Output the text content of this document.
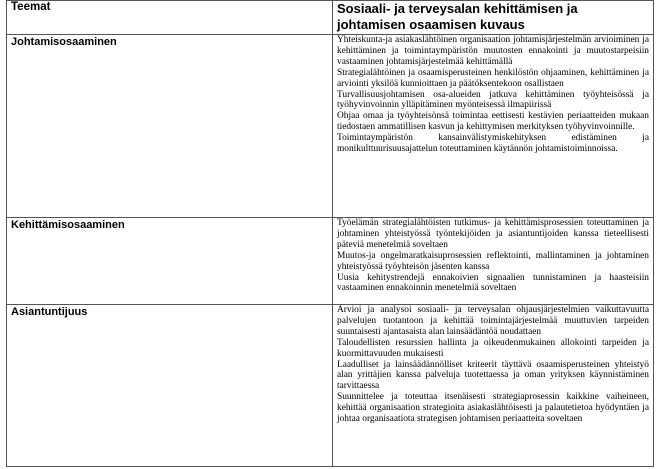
Teemat	Sosiaali- ja terveysalan kehittämisen ja johtamisen osaamisen kuvaus
Johtamisosaaminen	Yhteiskunta-ja asiakaslähtöinen organisaation johtamisjärjestelmän arvioiminen ja kehittäminen ja toimintaympäristön muutosten ennakointi ja muutostarpeisiin vastaaminen johtamisjärjestelmää kehittämällä

Strategialähtöinen ja osaamisperusteinen henkilöstön ohjaaminen, kehittäminen ja arviointi yksilöä kunnioittaen ja päätöksentekoon osallistaen

Turvallisuusjohtamisen osa-alueiden jatkuva kehittäminen työyhteisössä ja työhyvinvoinnin ylläpitäminen myönteisessä ilmapiirissä

Ohjaa omaa ja työyhteisönsä toimintaa eettisesti kestävien periaatteiden mukaan tiedostaen ammatillisen kasvun ja kehittymisen merkityksen työhyvinvoinnille.

Toimintaympäristön kansainvälistymiskehityksen edistäminen ja monikulttuurisuusajattelun toteuttaminen käytännön johtamistoiminnoissa.

Kehittämisosaaminen	Työelämän strategialähtöisten tutkimus- ja kehittämisprosessien toteuttaminen ja johtaminen yhteistyössä työntekijöiden ja asiantuntijoiden kanssa tieteellisesti päteviä menetelmiä soveltaen

Muutos-ja ongelmaratkaisuprosessien reflektointi, mallintaminen ja johtaminen yhteistyössä työyhteisön jäsenten kanssa

Uusia kehitystrendejä ennakoivien signaalien tunnistaminen ja haasteisiin vastaaminen ennakoinnin menetelmiä soveltaen

Asiantuntijuus	Arvioi ja analysoi sosiaali- ja terveysalan ohjausjärjestelmien vaikuttavuutta palvelujen tuotantoon ja kehittää toimintajärjestelmää muuttuvien tarpeiden suuntaisesti ajantasaista alan lainsäädäntöä noudattaen

Taloudellisten resurssien hallinta ja oikeudenmukainen allokointi tarpeiden ja kuormittavuuden mukaisesti

Laadulliset ja lainsäädännölliset kriteerit täyttävä osaamisperusteinen yhteistyö alan yrittäjien kanssa palveluja tuotettaessa ja oman yrityksen käynnistäminen tarvittaessa

Suunnittelee ja toteuttaa itsenäisesti strategiaprosessin kaikkine vaiheineen, kehittää organisaation strategioita asiakaslähtöisesti ja palautetietoa hyödyntäen ja johtaa organisaatiota strategisen johtamisen periaatteita soveltaen
